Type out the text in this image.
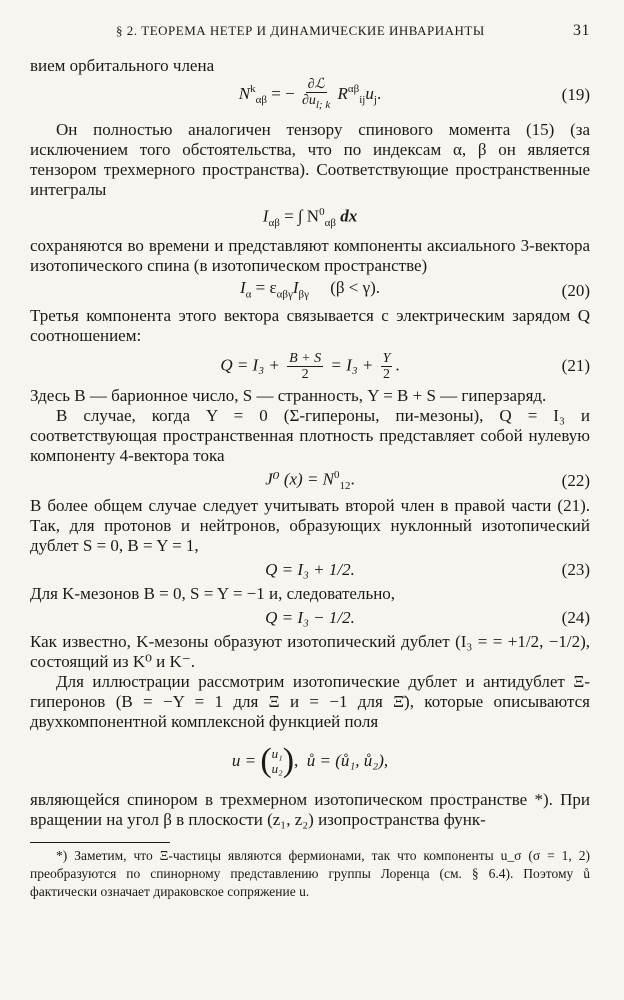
§ 2. ТЕОРЕМА НЕТЕР И ДИНАМИЧЕСКИЕ ИНВАРИАНТЫ	31

вием орбитального члена

$N^k_{\alpha\beta}$ = − $\frac{\text{∂ℒ}}{\partial u_{l; k}} R^{\alpha\beta}_{ij}u_j$.	(19)

Он полностью аналогичен тензору спинового момента (15) (за исключением того обстоятельства, что по индексам α, β он является тензором трехмерного пространства). Соответствующие пространственные интегралы

$I_{\alpha\beta}$ = ∫ $N^0_{\alpha\beta}$ dx

сохраняются во времени и представляют компоненты аксиального 3-вектора изотопического спина (в изотопическом пространстве)

$I_\alpha = \varepsilon_{\alpha\beta\gamma}I_{\beta\gamma}$ (β < γ).	(20)

Третья компонента этого вектора связывается с электрическим зарядом Q соотношением:

$Q = I_3 + \frac{B + S}{2} = I_3 + \frac{Y}{2}$ .	(21)

Здесь B — барионное число, S — странность, Y = B + S — гиперзаряд.

В случае, когда Y = 0 (Σ-гипероны, пи-мезоны), Q = I₃ и соответствующая пространственная плотность представляет собой нулевую компоненту 4-вектора тока

J⁰ $(x) = N^0_{12}$.	(22)

В более общем случае следует учитывать второй член в правой части (21). Так, для протонов и нейтронов, образующих нуклонный изотопический дублет S = 0, B = Y = 1,

Q = I₃ + 1/2.	(23)

Для K-мезонов B = 0, S = Y = −1 и, следовательно,

Q = I₃ − 1/2.	(24)

Как известно, K-мезоны образуют изотопический дублет (I₃ = = +1/2, −1/2), состоящий из K⁰ и K⁻.

Для иллюстрации рассмотрим изотопические дублет и антидублет Ξ-гиперонов (B = −Y = 1 для Ξ и = −1 для Ξ̄), которые описываются двухкомпонентной комплексной функцией поля

u =
( u₁
u₂ ) , ů = (ů₁, ů₂),

являющейся спинором в трехмерном изотопическом пространстве *). При вращении на угол β в плоскости (z₁, z₂) изопространства функ-

*) Заметим, что Ξ-частицы являются фермионами, так что компоненты u_σ (σ = 1, 2) преобразуются по спинорному представлению группы Лоренца (см. § 6.4). Поэтому ů фактически означает дираковское сопряжение u.
